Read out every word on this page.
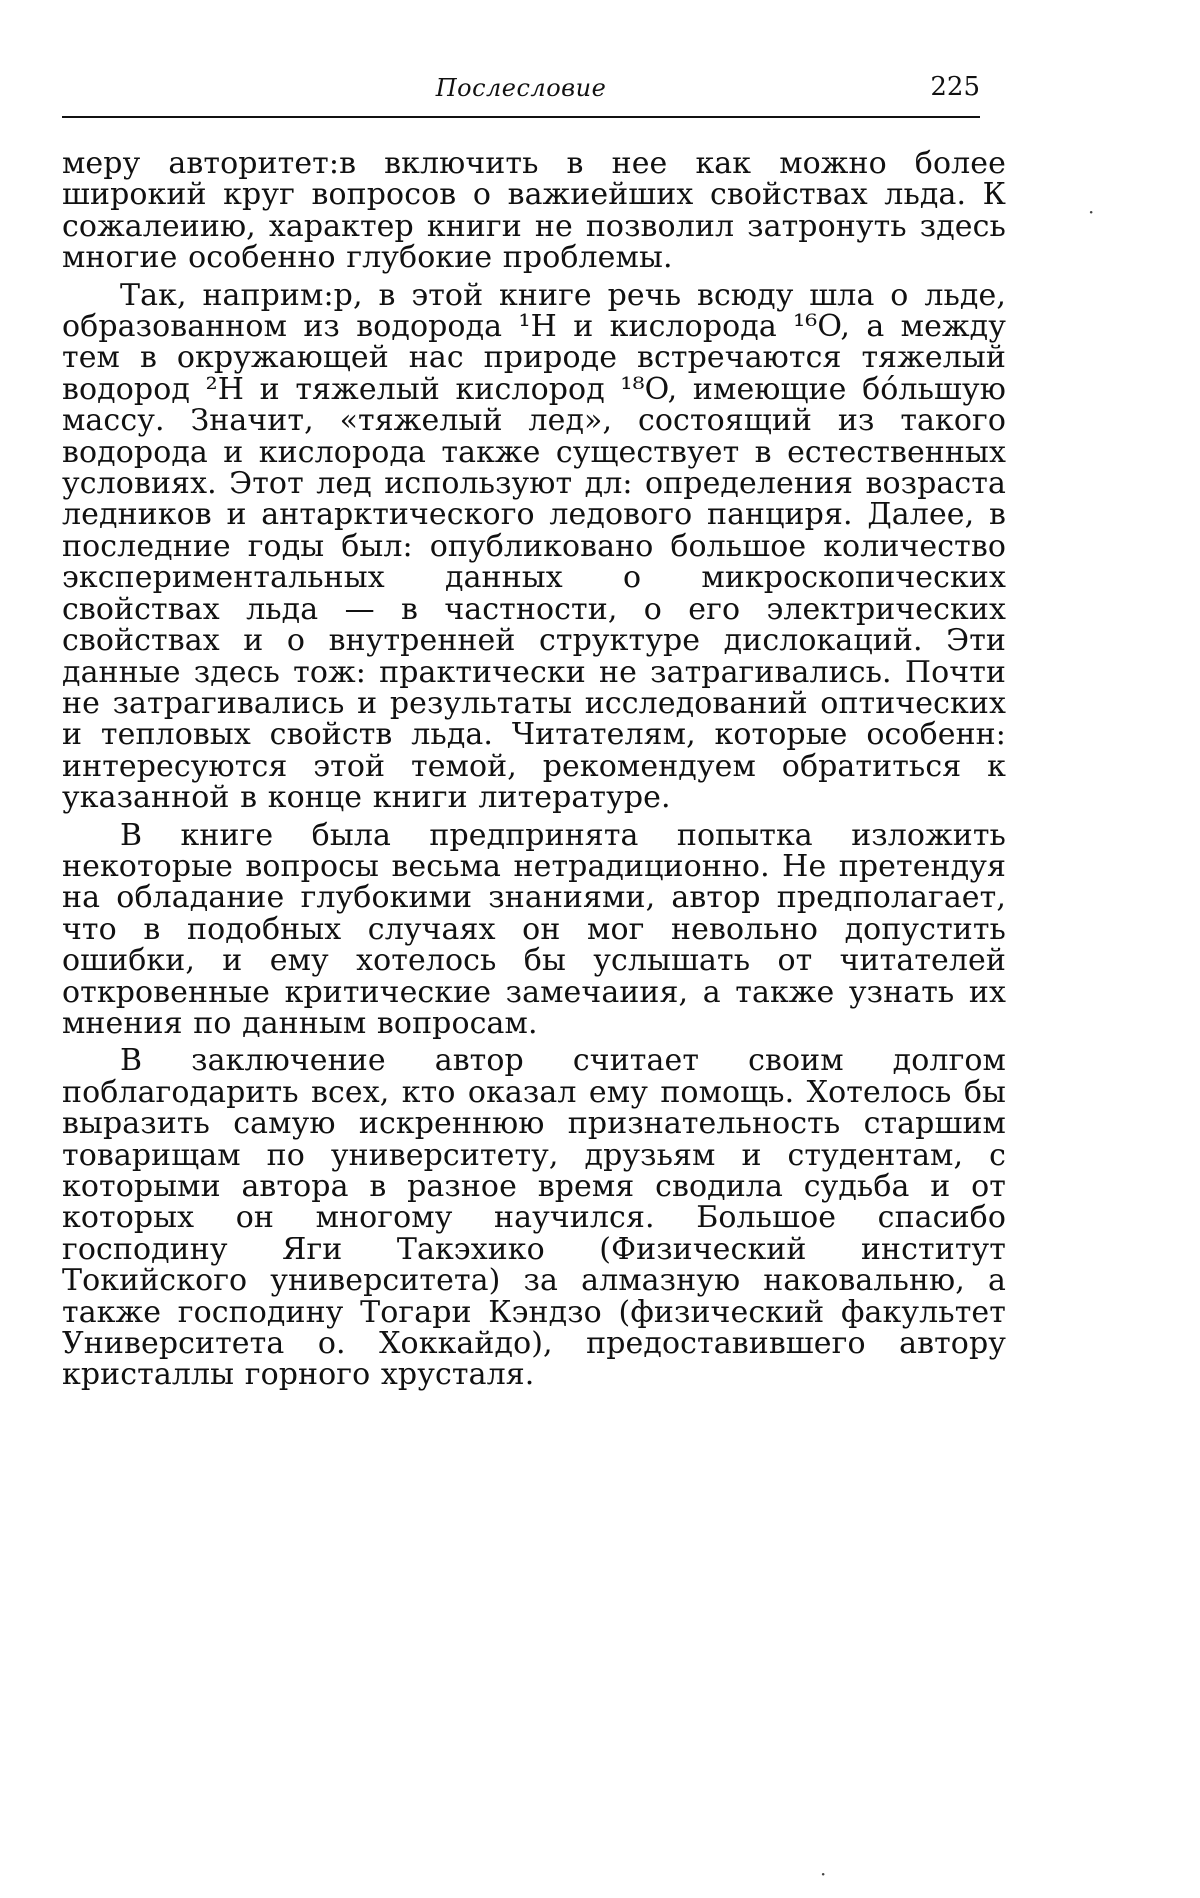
Послесловие	225

меру авторитет:в включить в нее как можно более широкий круг вопросов о важиейших свойствах льда. К сожалеиию, характер книги не позволил затронуть здесь многие особенно глубокие проблемы.

Так, наприм:р, в этой книге речь всюду шла о льде, образованном из водорода ¹H и кислорода ¹⁶O, а между тем в окружающей нас природе встречаются тяжелый водород ²H и тяжелый кислород ¹⁸O, имеющие бо́льшую массу. Значит, «тяжелый лед», состоящий из такого водорода и кислорода также существует в естественных условиях. Этот лед используют дл: определения возраста ледников и антарктического ледового панциря. Далее, в последние годы был: опубликовано большое количество экспериментальных данных о микроскопических свойствах льда — в частности, о его электрических свойствах и о внутренней структуре дислокаций. Эти данные здесь тож: практически не затрагивались. Почти не затрагивались и результаты исследований оптических и теплoвых свойств льда. Читателям, которые особенн: интересуются этой темой, рекомендуем обратиться к указанной в конце книги литературе.

В книге была предпринята попытка изложить некоторые вопросы весьма нетрадиционно. Не претендуя на обладание глубокими знаниями, автор предполагает, что в подобных случаях он мог невольно допустить ошибки, и ему хотелось бы услышать от читателей откровенные критические замечаиия, а также узнать их мнения по данным вопросам.

В заключение автор считает своим долгом поблагодарить всех, кто оказал ему помощь. Хотелось бы выразить самую искреннюю признательность старшим товарищам по университету, друзьям и студентам, с которыми автора в разное время сводила судьба и от которых он многому научился. Большое спасибо господину Яги Такэхико (Физический институт Токийского университета) за алмазную наковальню, а также господину Тогари Кэндзо (физический факультет Университета о. Хоккайдо), предоставившего автору кристаллы горного хрусталя.

·
·
